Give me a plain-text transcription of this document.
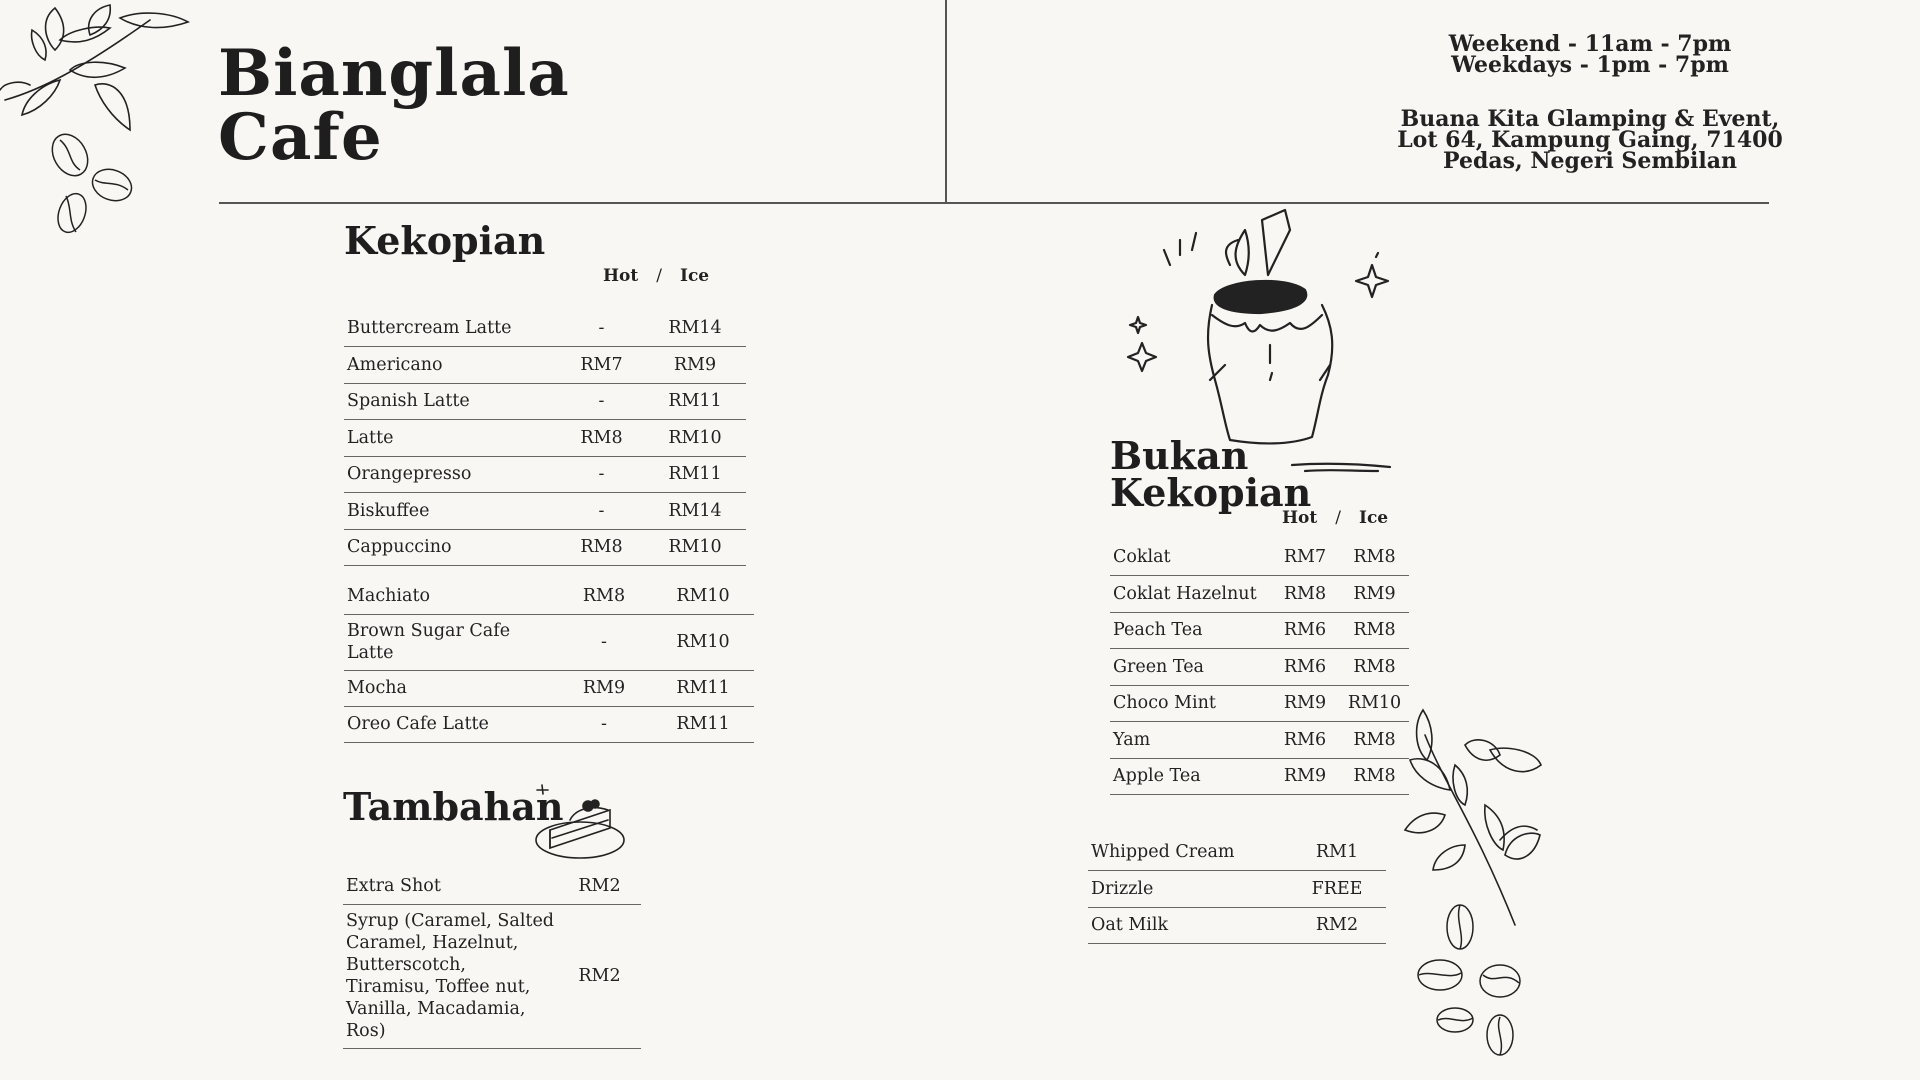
Bianglala
Cafe
Weekend - 11am - 7pm
Weekdays - 1pm - 7pm
Buana Kita Glamping & Event,
Lot 64, Kampung Gaing, 71400
Pedas, Negeri Sembilan
Kekopian
Hot / Ice
Buttercream Latte	-	RM14
Americano	RM7	RM9
Spanish Latte	-	RM11
Latte	RM8	RM10
Orangepresso	-	RM11
Biskuffee	-	RM14
Cappuccino	RM8	RM10
Machiato	RM8	RM10
Brown Sugar Cafe Latte	-	RM10
Mocha	RM9	RM11
Oreo Cafe Latte	-	RM11
Tambahan
Extra Shot	RM2
Syrup (Caramel, Salted Caramel, Hazelnut, Butterscotch, Tiramisu, Toffee nut, Vanilla, Macadamia, Ros)	RM2
Bukan
Kekopian
Hot / Ice
Coklat	RM7	RM8
Coklat Hazelnut	RM8	RM9
Peach Tea	RM6	RM8
Green Tea	RM6	RM8
Choco Mint	RM9	RM10
Yam	RM6	RM8
Apple Tea	RM9	RM8
Whipped Cream	RM1
Drizzle	FREE
Oat Milk	RM2
